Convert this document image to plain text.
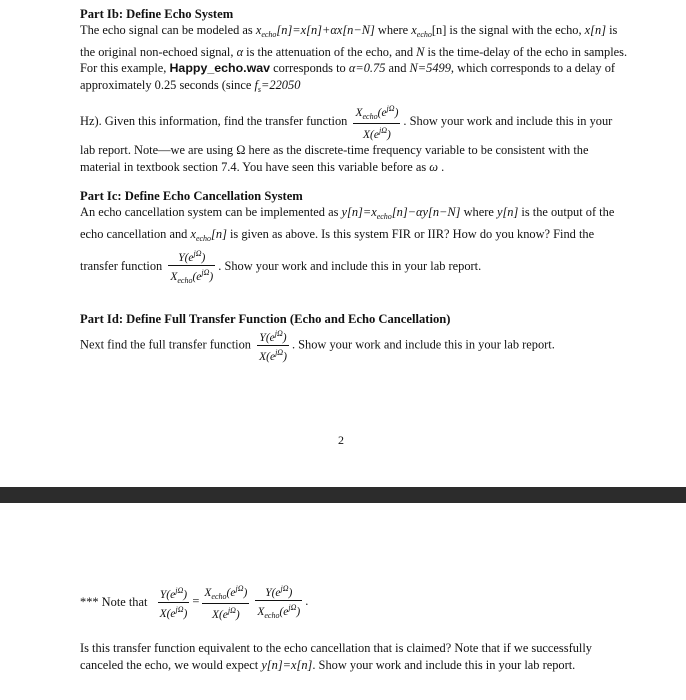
Part Ib: Define Echo System

The echo signal can be modeled as $x_{echo}[n]=x[n]+\alpha x[n-N]$ where $x_{echo}[n]$ is the signal with the echo, x[n] is the original non-echoed signal, α is the attenuation of the echo, and N is the time-delay of the echo in samples. For this example, Happy_echo.wav corresponds to α=0.75 and N=5499, which corresponds to a delay of approximately 0.25 seconds (since $f_s=22050$

Hz). Given this information, find the transfer function $\frac{X_{echo}(e^{j\Omega})}{X(e^{j\Omega})}$ . Show your work and include this in your lab report. Note—we are using Ω here as the discrete-time frequency variable to be consistent with the material in textbook section 7.4. You have seen this variable before as ω .

Part Ic: Define Echo Cancellation System

An echo cancellation system can be implemented as $y[n]=x_{echo}[n]-\alpha y[n-N]$ where y[n] is the output of the echo cancellation and $x_{echo}[n]$ is given as above. Is this system FIR or IIR? How do you know? Find the transfer function $\frac{Y(e^{j\Omega})}{X_{echo}(e^{j\Omega})}$ . Show your work and include this in your lab report.

Part Id: Define Full Transfer Function (Echo and Echo Cancellation)

Next find the full transfer function $\frac{Y(e^{j\Omega})}{X(e^{j\Omega})}$ . Show your work and include this in your lab report.

2
*** Note that $\frac{Y(e^{j\Omega})}{X(e^{j\Omega})} = \frac{X_{echo}(e^{j\Omega})}{X(e^{j\Omega})} \frac{Y(e^{j\Omega})}{X_{echo}(e^{j\Omega})}$ .

Is this transfer function equivalent to the echo cancellation that is claimed? Note that if we successfully canceled the echo, we would expect y[n]=x[n]. Show your work and include this in your lab report.
